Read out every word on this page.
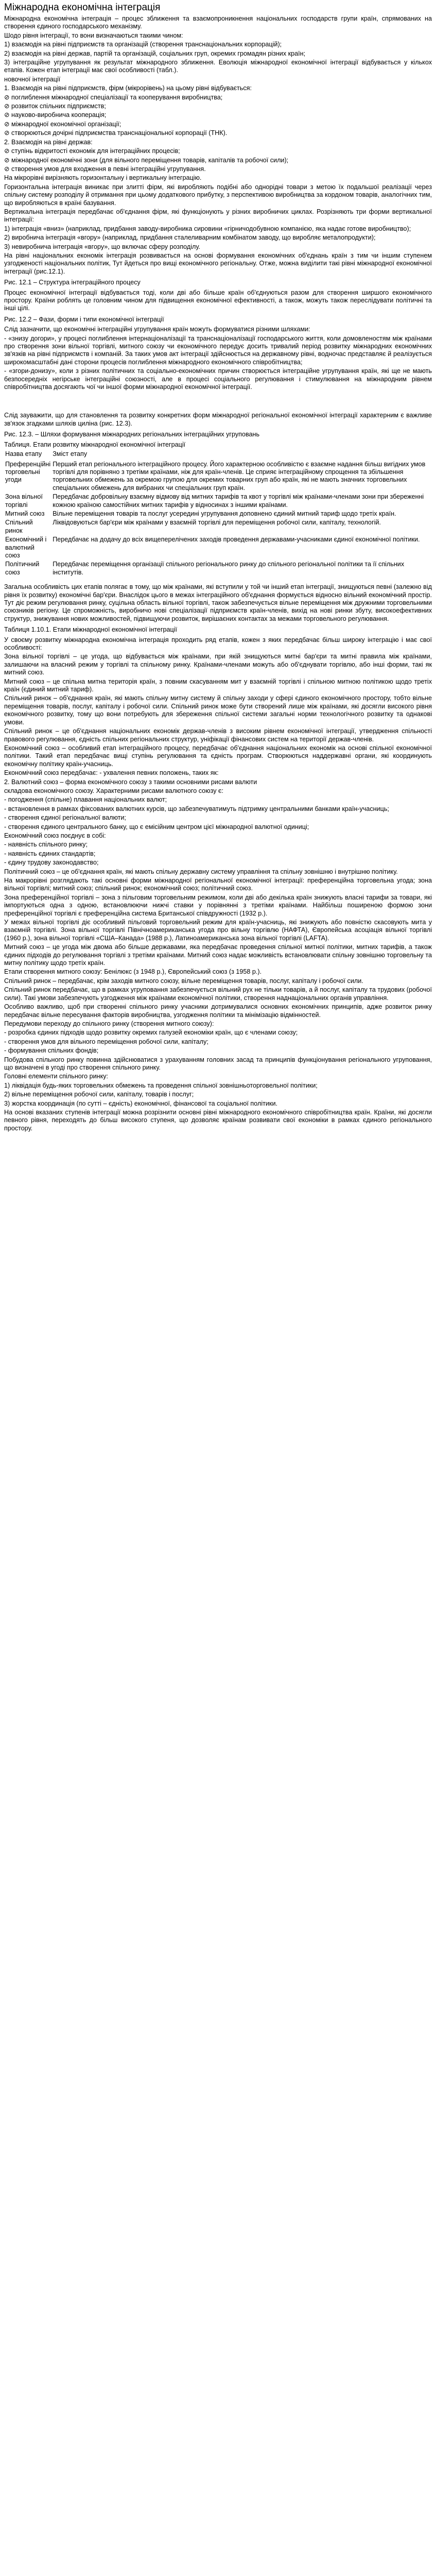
Міжнародна економічна інтеграція

Міжнародна економічна інтеграція – процес зближення та взаємопроникнення національних господарств групи країн, спрямованих на створення єдиного господарського механізму.

Шодо рівня інтеграції, то вони визначаються такими чином:

1) взаємодія на рівні підприємств та організацій (створення транснаціональних корпорацій);

2) взаємодія на рівні держав, партій та організацій, соціальних груп, окремих громадян різних країн;

3) інтеграційне угрупування як результат міжнародного зближення. Еволюція міжнародної економічної інтеграції відбувається у кількох етапів. Кожен етап інтеграції має свої особливості (табл.).

новочної інтеграції

1. Взаємодія на рівні підприємств, фірм (мікрорівень) на цьому рівні відбувається:

⊘ поглиблення міжнародної спеціалізації та кооперування виробництва;

⊘ розвиток спільних підприємств;

⊘ науково-виробнича кооперація;

⊘ міжнародної економічної організації;

⊘ створюються дочірні підприємства транснаціональної корпорації (ТНК).

2. Взаємодія на рівні держав:

⊘ ступінь відкритості економік для інтеграційних процесів;

⊘ міжнародної економічні зони (для вільного переміщення товарів, капіталів та робочої сили);

⊘ створення умов для входження в певні інтеграційні угрупування.

На мікрорівні вирізняють горизонтальну і вертикальну інтеграцію.

Горизонтальна інтеграція виникає при злитті фірм, які виробляють подібні або однорідні товари з метою їх подальшої реалізації через спільну систему розподілу й отримання при цьому додаткового прибутку, з перспективою виробництва за кордоном товарів, аналогічних тим, що виробляються в країні базування.

Вертикальна інтеграція передбачає об'єднання фірм, які функціонують у різних виробничих циклах. Розрізняють три форми вертикальної інтеграції:

1) інтеграція «вниз» (наприклад, придбання заводу-виробника сировини «гірничодобувною компанією, яка надає готове виробництво);

2) виробнича інтеграція «вгору» (наприклад, придбання сталеливарним комбінатом заводу, що виробляє металопродукти);

3) невиробнича інтеграція «вгору», що включає сферу розподілу.

На рівні національних економік інтеграція розвивається на основі формування економічних об'єднань країн з тим чи іншим ступенем узгодженості національних політик, Тут йдеться про вищі економічного регіональну. Отже, можна виділити такі рівні міжнародної економічної інтеграції (рис.12.1).

Рис. 12.1 – Структура інтеграційного процесу

Процес економічної інтеграції відбувається тоді, коли дві або більше країн об'єднуються разом для створення ширшого економічного простору. Країни роблять це головним чином для підвищення економічної ефективності, а також, можуть також переслідувати політичні та інші цілі.

Рис. 12.2 – Фази, форми і типи економічної інтеграції

Слід зазначити, що економічні інтеграційні угрупування країн можуть формуватися різними шляхами:

- «знизу догори», у процесі поглиблення інтернаціоналізації та транснаціоналізації господарського життя, коли домовленостям між країнами про створення зони вільної торгівлі, митного союзу чи економічного передує досить тривалий період розвитку міжнародних економічних зв'язків на рівні підприємств і компаній. За таких умов акт інтеграції здійснюється на державному рівні, водночас представляє й реалізується широкомасштабні дані сторони процесів поглиблення міжнародного економічного співробітництва;

- «згори-донизу», коли з різних політичних та соціально-економічних причин створюється інтеграційне угрупування країн, які ще не мають безпосередніх негірське інтеграційні союзності, але в процесі соціального регулювання і стимулювання на міжнародним рівнем співробітництва досягають чої чи іншої форми міжнародної економічної інтеграції.

Слід зауважити, що для становлення та розвитку конкретних форм міжнародної регіональної економічної інтеграції характерним є важливе зв'язок згадками шляхів циліна (рис. 12.3).

Рис. 12.3. – Шляхи формування міжнародних регіональних інтеграційних угруповань

Таблиця. Етапи розвитку міжнародної економічної інтеграції

Назва етапу	Зміст етапу
Преференційні торговельні угоди	Перший етап регіонального інтеграційного процесу. Його характерною особливістю є взаємне надання більш вигідних умов торгівлі для порівняно з третіми країнами, ніж для країн-членів. Це сприяє інтеграційному спрощення та збільшення торговельних обмежень за окремою групою для окремих товарних груп або країн, які не мають значних торговельних спеціальних обмежень для вибраних чи спеціальних груп країн.
Зона вільної торгівлі	Передбачає добровільну взаємну відмову від митних тарифів та квот у торгівлі між країнами-членами зони при збереженні кожною країною самостійних митних тарифів у відносинах з іншими країнами.
Митний союз	Вільне переміщення товарів та послуг усередині угрупування доповнено єдиний митний тариф щодо третіх країн.
Спільний ринок	Ліквідовуються бар'єри між країнами у взаємній торгівлі для переміщення робочої сили, капіталу, технологій.
Економічний і валютний союз	Передбачає на додачу до всіх вищеперелічених заходів проведення державами-учасниками єдиної економічної політики.
Політичний союз	Передбачає переміщення організації спільного регіонального ринку до спільного регіональної політики та її спільних інститутів.

Загальна особливість цих етапів полягає в тому, що між країнами, які вступили у той чи інший етап інтеграції, знищуються певні (залежно від рівня їх розвитку) економічні бар'єри. Внаслідок цього в межах інтеграційного об'єднання формується відносно вільний економічний простір. Тут діє режим регулювання ринку, суцільна область вільної торгівлі, також забезпечується вільне переміщення між дружними торговельними союзників регіону. Це спроможність, виробничо нові спеціалізації підприємств країн-членів, вихід на нові ринки збуту, високоефективних структур, знижування нових можливостей, підвищуючи розвиток, вирішаєних контактах за межами торговельного регулювання.

Таблиця 1.10.1. Етапи міжнародної економічної інтеграції

У своєму розвитку міжнародна економічна інтеграція проходить ряд етапів, кожен з яких передбачає більш широку інтеграцію і має свої особливості:

Зона вільної торгівлі – це угода, що відбувається між країнами, при якій знищуються митні бар'єри та митні правила між країнами, залишаючи на власний режим у торгівлі та спільному ринку. Країнами-членами можуть або об'єднувати торгівлю, або інші форми, такі як митний союз.

Митний союз – це спільна митна територія країн, з повним скасуванням мит у взаємній торгівлі і спільною митною політикою щодо третіх країн (єдиний митний тариф).

Спільний ринок – об'єднання країн, які мають спільну митну систему й спільну заходи у сфері єдиного економічного простору, тобто вільне переміщення товарів, послуг, капіталу і робочої сили. Спільний ринок може бути створений лише між країнами, які досягли високого рівня економічного розвитку, тому що вони потребують для збереження спільної системи загальні норми технологічного розвитку та однакові умови.

Спільний ринок – це об'єднання національних економік держав-членів з високим рівнем економічної інтеграції, утвердження спільності правового регулювання, єдність спільних регіональних структур, уніфікації фінансових систем на території держав-членів.

Економічний союз – особливий етап інтеграційного процесу, передбачає об'єднання національних економік на основі спільної економічної політики. Такий етап передбачає вищі ступінь регулювання та єдність програм. Створюються наддержавні органи, які координують економічну політику країн-учасниць.

Економічний союз передбачає: - ухвалення певних положень, таких як:

2. Валютний союз – форма економічного союзу з такими основними рисами валюти

складова економічного союзу. Характерними рисами валютного союзу є:

- погодження (спільне) плавання національних валют;

- встановлення в рамках фіксованих валютних курсів, що забезпечуватимуть підтримку центральними банками країн-учасниць;

- створення єдиної регіональної валюти;

- створення єдиного центрального банку, що є емісійним центром цієї міжнародної валютної одиниці;

Економічний союз поєднує в собі:

- наявність спільного ринку;

- наявність єдиних стандартів;

- єдину трудову законодавство;

Політичний союз – це об'єднання країн, які мають спільну державну систему управління та спільну зовнішню і внутрішню політику.

На макрорівні розглядають такі основні форми міжнародної регіональної економічної інтеграції: преференційна торговельна угода; зона вільної торгівлі; митний союз; спільний ринок; економічний союз; політичний союз.

Зона преференційної торгівлі – зона з пільговим торговельним режимом, коли дві або декілька країн знижують власні тарифи за товари, які імпортуються одна з одною, встановлюючи нижчі ставки у порівнянні з третіми країнами. Найбільш поширеною формою зони преференційної торгівлі є преференційна система Британської співдружності (1932 р.).

У межах вільної торгівлі діє особливий пільговий торговельний режим для країн-учасниць, які знижують або повністю скасовують мита у взаємній торгівлі. Зона вільної торгівлі Північноамериканська угода про вільну торгівлю (НАФТА), Європейська асоціація вільної торгівлі (1960 р.), зона вільної торгівлі «США–Канада» (1988 р.), Латиноамериканська зона вільної торгівлі (LAFTA).

Митний союз – це угода між двома або більше державами, яка передбачає проведення спільної митної політики, митних тарифів, а також єдиних підходів до регулювання торгівлі з третіми країнами. Митний союз надає можливість встановлювати спільну зовнішню торговельну та митну політику щодо третіх країн.

Етапи створення митного союзу: Бенілюкс (з 1948 р.), Європейський союз (з 1958 р.).

Спільний ринок – передбачає, крім заходів митного союзу, вільне переміщення товарів, послуг, капіталу і робочої сили.

Спільний ринок передбачає, що в рамках угруповання забезпечується вільний рух не тільки товарів, а й послуг, капіталу та трудових (робочої сили). Такі умови забезпечують узгодження між країнами економічної політики, створення наднаціональних органів управління.

Особливо важливо, щоб при створенні спільного ринку учасники дотримувалися основних економічних принципів, адже розвиток ринку передбачає вільне пересування факторів виробництва, узгодження політики та мінімізацію відмінностей.

Передумови переходу до спільного ринку (створення митного союзу):

- розробка єдиних підходів щодо розвитку окремих галузей економіки країн, що є членами союзу;

- створення умов для вільного переміщення робочої сили, капіталу;

- формування спільних фондів;

Побудова спільного ринку повинна здійснюватися з урахуванням головних засад та принципів функціонування регіонального угруповання, що визначені в угоді про створення спільного ринку.

Головні елементи спільного ринку:

1) ліквідація будь-яких торговельних обмежень та проведення спільної зовнішньоторговельної політики;

2) вільне переміщення робочої сили, капіталу, товарів і послуг;

3) жорстка координація (по сутті – єдність) економічної, фінансової та соціальної політики.

На основі вказаних ступенів інтеграції можна розрізнити основні рівні міжнародного економічного співробітництва країн. Країни, які досягли певного рівня, переходять до більш високого ступеня, що дозволяє країнам розвивати свої економіки в рамках єдиного регіонального простору.
